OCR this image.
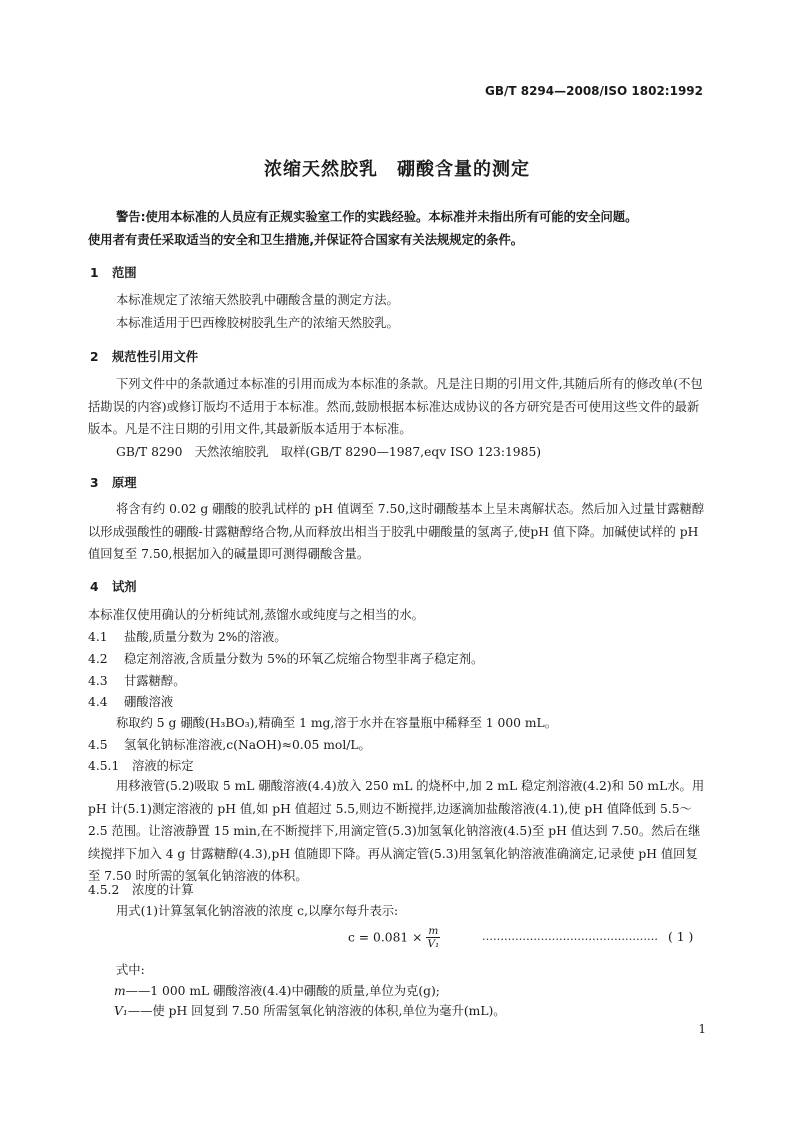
GB/T 8294—2008/ISO 1802:1992
浓缩天然胶乳　硼酸含量的测定

警告:使用本标准的人员应有正规实验室工作的实践经验。本标准并未指出所有可能的安全问题。

使用者有责任采取适当的安全和卫生措施,并保证符合国家有关法规规定的条件。

1 范围

本标准规定了浓缩天然胶乳中硼酸含量的测定方法。

本标准适用于巴西橡胶树胶乳生产的浓缩天然胶乳。

2 规范性引用文件

下列文件中的条款通过本标准的引用而成为本标准的条款。凡是注日期的引用文件,其随后所有的修改单(不包括勘误的内容)或修订版均不适用于本标准。然而,鼓励根据本标准达成协议的各方研究是否可使用这些文件的最新版本。凡是不注日期的引用文件,其最新版本适用于本标准。

GB/T 8290　天然浓缩胶乳　取样(GB/T 8290—1987,eqv ISO 123:1985)

3 原理

将含有约 0.02 g 硼酸的胶乳试样的 pH 值调至 7.50,这时硼酸基本上呈未离解状态。然后加入过量甘露糖醇以形成强酸性的硼酸-甘露糖醇络合物,从而释放出相当于胶乳中硼酸量的氢离子,使pH 值下降。加碱使试样的 pH 值回复至 7.50,根据加入的碱量即可测得硼酸含量。

4 试剂
本标准仅使用确认的分析纯试剂,蒸馏水或纯度与之相当的水。
4.1 盐酸,质量分数为 2%的溶液。
4.2 稳定剂溶液,含质量分数为 5%的环氧乙烷缩合物型非离子稳定剂。
4.3 甘露糖醇。
4.4 硼酸溶液

称取约 5 g 硼酸(H₃BO₃),精确至 1 mg,溶于水并在容量瓶中稀释至 1 000 mL。

4.5 氢氧化钠标准溶液,c(NaOH)≈0.05 mol/L。
4.5.1 溶液的标定

用移液管(5.2)吸取 5 mL 硼酸溶液(4.4)放入 250 mL 的烧杯中,加 2 mL 稳定剂溶液(4.2)和 50 mL水。用 pH 计(5.1)测定溶液的 pH 值,如 pH 值超过 5.5,则边不断搅拌,边逐滴加盐酸溶液(4.1),使 pH 值降低到 5.5～2.5 范围。让溶液静置 15 min,在不断搅拌下,用滴定管(5.3)加氢氧化钠溶液(4.5)至 pH 值达到 7.50。然后在继续搅拌下加入 4 g 甘露糖醇(4.3),pH 值随即下降。再从滴定管(5.3)用氢氧化钠溶液准确滴定,记录使 pH 值回复至 7.50 时所需的氢氧化钠溶液的体积。

4.5.2 浓度的计算

用式(1)计算氢氧化钠溶液的浓度 c,以摩尔每升表示:

$c = 0.081 \times \frac{m}{\text{V₁}}$	………………………………………… ( 1 )

式中:

m——1 000 mL 硼酸溶液(4.4)中硼酸的质量,单位为克(g);
V₁——使 pH 回复到 7.50 所需氢氧化钠溶液的体积,单位为毫升(mL)。
1
